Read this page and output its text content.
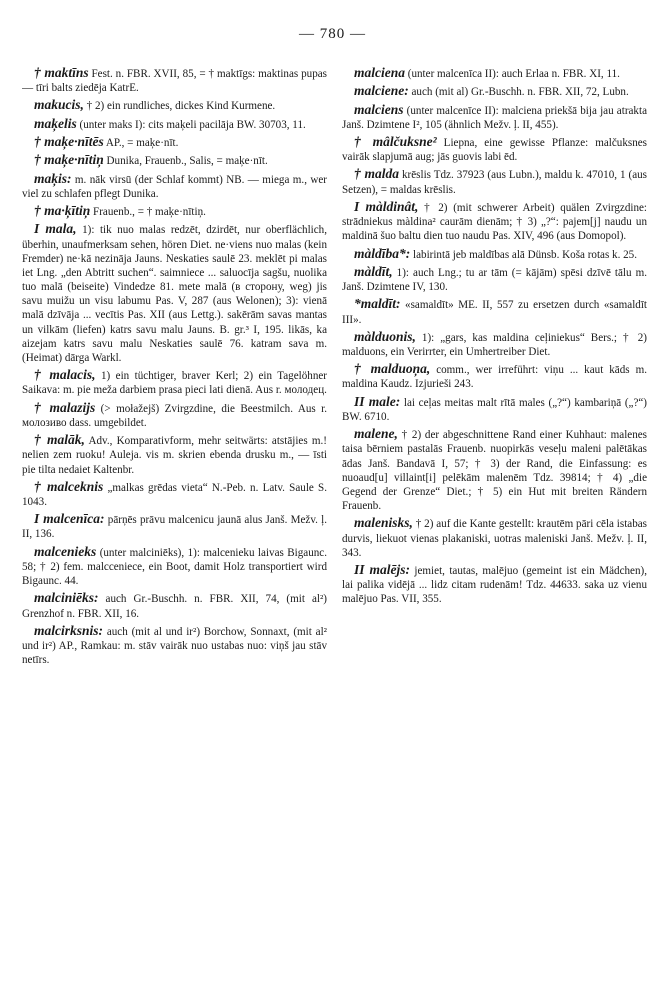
— 780 —

† maktīns Fest. n. FBR. XVII, 85, = † maktīgs: maktinas pupas — tīri balts ziedēja KatrE.

makucis, † 2) ein rundliches, dickes Kind Kurmene.

maķelis (unter maks I): cits maķeli pacilāja BW. 30703, 11.

† maķe·nītēs AP., = maķe·nīt.

† maķe·nītiņ Dunika, Frauenb., Salis, = maķe·nīt.

maķis: m. nāk virsū (der Schlaf kommt) NB. — miega m., wer viel zu schlafen pflegt Dunika.

† ma·ķītiņ Frauenb., = † maķe·nītiņ.

I mala, 1): tik nuo malas redzēt, dzirdēt, nur oberflächlich, überhin, unaufmerksam sehen, hören Diet. ne·viens nuo malas (kein Fremder) ne·kā nezināja Jauns. Neskaties saulē 23. meklēt pi malas iet Lng. „den Abtritt suchen“. saimniece ... saluocīja sagšu, nuolika tuo malā (beiseite) Vindedze 81. mete malā (в сторону, weg) jis savu muižu un visu labumu Pas. V, 287 (aus Welonen); 3): vienā malā dzīvāja ... vecītis Pas. XII (aus Lettg.). sakērām savas mantas un vilkām (liefen) katrs savu malu Jauns. B. gr.³ I, 195. likās, ka aizejam katrs savu malu Neskaties saulē 76. katram sava m. (Heimat) dārga Warkl.

† malacis, 1) ein tüchtiger, braver Kerl; 2) ein Tagelöhner Saikava: m. pie meža darbiem prasa pieci lati dienā. Aus r. молодец.

† malazijs (> mołažejš) Zvirgzdine, die Beestmilch. Aus r. молозиво dass. umgebildet.

† malāk, Adv., Komparativform, mehr seitwärts: atstājies m.! nelien zem ruoku! Auleja. vis m. skrien ebenda drusku m., — īsti pie tilta nedaiet Kaltenbr.

† malceknis „malkas grēdas vieta“ N.-Peb. n. Latv. Saule S. 1043.

I malcenīca: pārņēs prāvu malcenicu jaunā alus Janš. Mežv. ļ. II, 136.

malcenieks (unter malciniēks), 1): malcenieku laivas Bigaunc. 58; † 2) fem. malcceniece, ein Boot, damit Holz transportiert wird Bigaunc. 44.

malciniēks: auch Gr.-Buschh. n. FBR. XII, 74, (mit al²) Grenzhof n. FBR. XII, 16.

malcirksnis: auch (mit al und ir²) Borchow, Sonnaxt, (mit al² und ir²) AP., Ramkau: m. stāv vairāk nuo ustabas nuo: viņš jau stāv netīrs.

malciena (unter malcenīca II): auch Erlaa n. FBR. XI, 11.

malciene: auch (mit al) Gr.-Buschh. n. FBR. XII, 72, Lubn.

malciens (unter malcenīce II): malciena priekšā bija jau atrakta Janš. Dzimtene I², 105 (ähnlich Mežv. ļ. II, 455).

† mâlčuksne² Liepna, eine gewisse Pflanze: malčuksnes vairāk slapjumā aug; jās guovis labi ēd.

† malda krēslis Tdz. 37923 (aus Lubn.), maldu k. 47010, 1 (aus Setzen), = maldas krēslis.

I màldinât, † 2) (mit schwerer Arbeit) quälen Zvirgzdine: strādniekus màldina² caurām dienām; † 3) „?“: pajem[j] naudu un maldinā šuo baltu dien tuo naudu Pas. XIV, 496 (aus Domopol).

màldība*: labirintā jeb maldības alā Dünsb. Koša rotas k. 25.

màldīt, 1): auch Lng.; tu ar tām (= kājām) spēsi dzīvē tālu m. Janš. Dzimtene IV, 130.

*maldīt: «samaldīt» ME. II, 557 zu ersetzen durch «samaldīt III».

màlduonis, 1): „gars, kas maldina ceļiniekus“ Bers.; † 2) malduons, ein Verirrter, ein Umhertreiber Diet.

† malduoņa, comm., wer irreführt: viņu ... kaut kāds m. maldina Kaudz. Izjurieši 243.

II male: lai ceļas meitas malt rītā males („?“) kambariņā („?“) BW. 6710.

malene, † 2) der abgeschnittene Rand einer Kuhhaut: malenes taisa bērniem pastalās Frauenb. nuopirkās veseļu maleni palētākas ādas Janš. Bandavā I, 57; † 3) der Rand, die Einfassung: es nuoaud[u] villaint[i] pelēkām malenēm Tdz. 39814; † 4) „die Gegend der Grenze“ Diet.; † 5) ein Hut mit breiten Rändern Frauenb.

malenisks, † 2) auf die Kante gestellt: krautēm pāri cēla istabas durvis, liekuot vienas plakaniski, uotras maleniski Janš. Mežv. ļ. II, 343.

II malējs: jemiet, tautas, malējuo (gemeint ist ein Mädchen), lai palika vidējā ... lidz citam rudenām! Tdz. 44633. saka uz vienu malējuo Pas. VII, 355.
